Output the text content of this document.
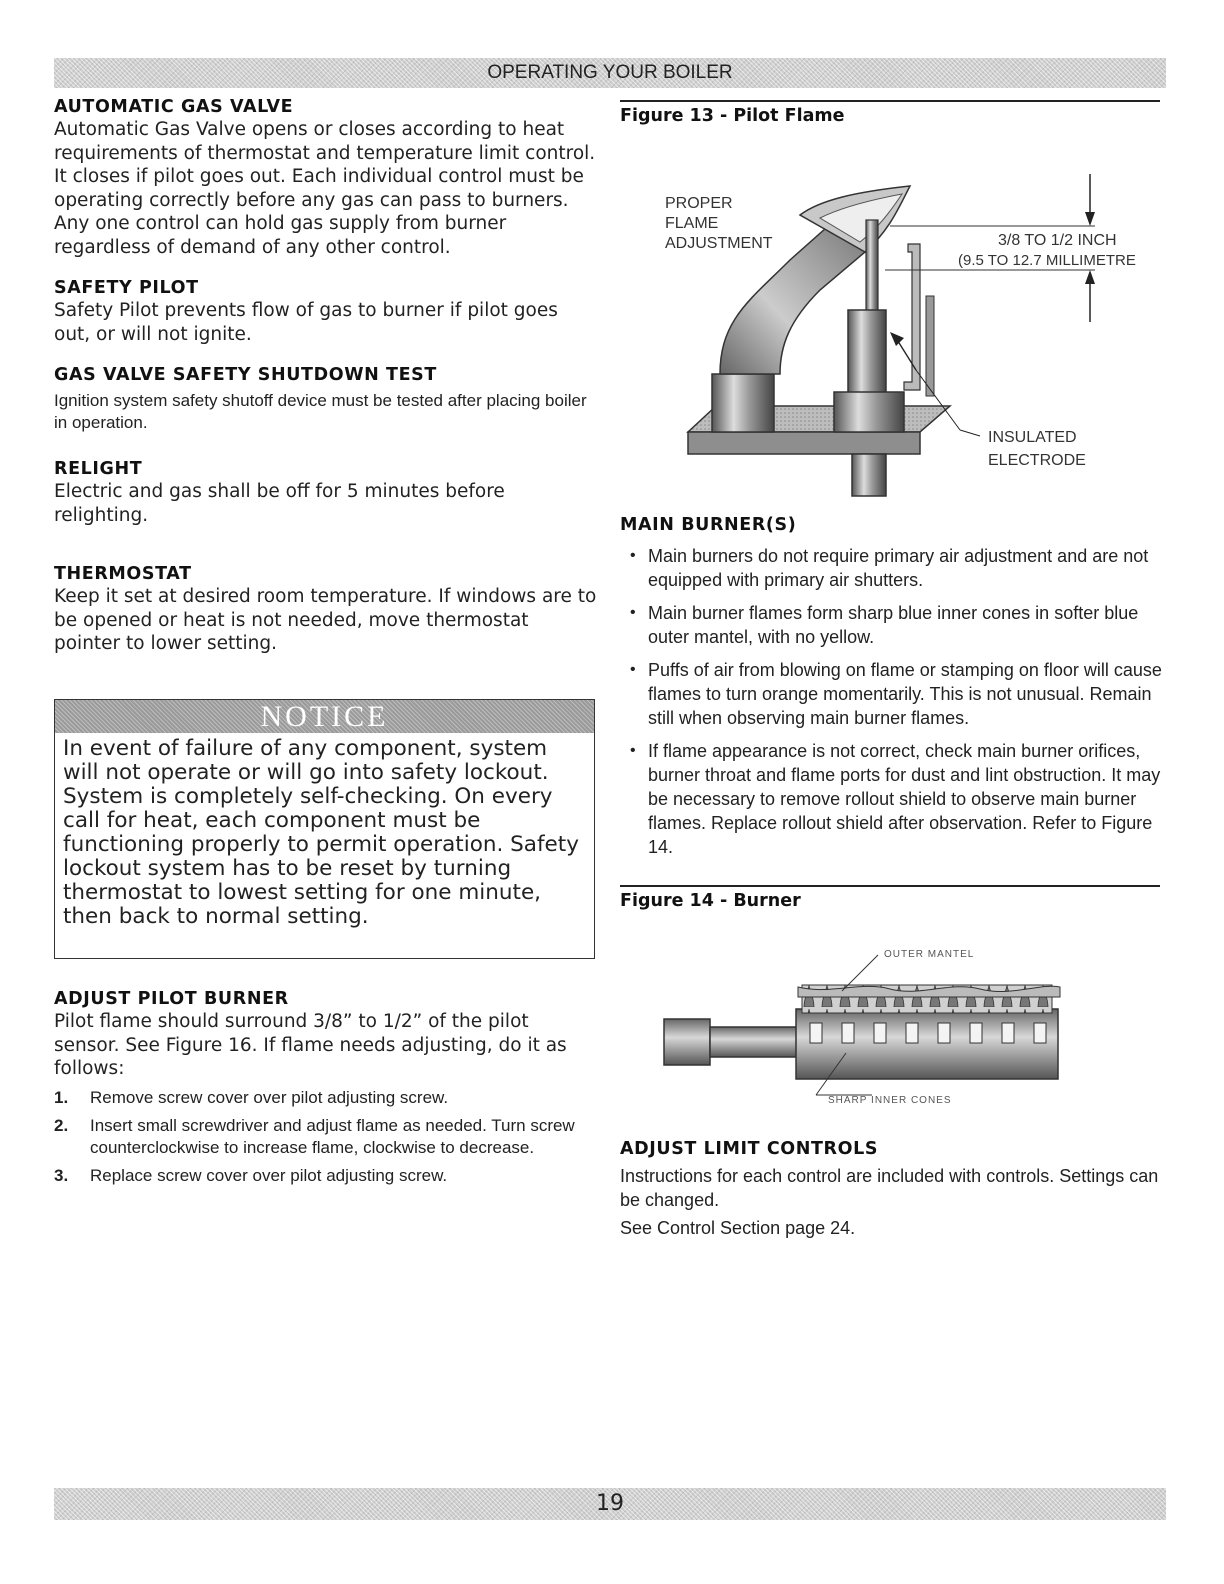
OPERATING YOUR BOILER
AUTOMATIC GAS VALVE

Automatic Gas Valve opens or closes according to heat requirements of thermostat and temperature limit control. It closes if pilot goes out. Each individual control must be operating correctly before any gas can pass to burners. Any one control can hold gas supply from burner regardless of demand of any other control.

SAFETY PILOT

Safety Pilot prevents flow of gas to burner if pilot goes out, or will not ignite.

GAS VALVE SAFETY SHUTDOWN TEST

Ignition system safety shutoff device must be tested after placing boiler in operation.

RELIGHT

Electric and gas shall be off for 5 minutes before relighting.

THERMOSTAT

Keep it set at desired room temperature. If windows are to be opened or heat is not needed, move thermostat pointer to lower setting.

NOTICE
In event of failure of any component, system will not operate or will go into safety lockout. System is completely self-checking. On every call for heat, each component must be functioning properly to permit operation. Safety lockout system has to be reset by turning thermostat to lowest setting for one minute, then back to normal setting.
ADJUST PILOT BURNER

Pilot flame should surround 3/8” to 1/2” of the pilot sensor. See Figure 16. If flame needs adjusting, do it as follows:

1. Remove screw cover over pilot adjusting screw.
2. Insert small screwdriver and adjust flame as needed. Turn screw counterclockwise to increase flame, clockwise to decrease.
3. Replace screw cover over pilot adjusting screw.
Figure 13 - Pilot Flame
PROPER
FLAME
ADJUSTMENT	3/8 TO 1/2 INCH
(9.5 TO 12.7 MILLIMETRE
INSULATED
ELECTRODE
MAIN BURNER(S)
• Main burners do not require primary air adjustment and are not equipped with primary air shutters.
• Main burner flames form sharp blue inner cones in softer blue outer mantel, with no yellow.
• Puffs of air from blowing on flame or stamping on floor will cause flames to turn orange momentarily. This is not unusual. Remain still when observing main burner flames.
• If flame appearance is not correct, check main burner orifices, burner throat and flame ports for dust and lint obstruction. It may be necessary to remove rollout shield to observe main burner flames. Replace rollout shield after observation. Refer to Figure 14.
Figure 14 - Burner
OUTER MANTEL
SHARP INNER CONES
ADJUST LIMIT CONTROLS

Instructions for each control are included with controls. Settings can be changed.

See Control Section page 24.

19
